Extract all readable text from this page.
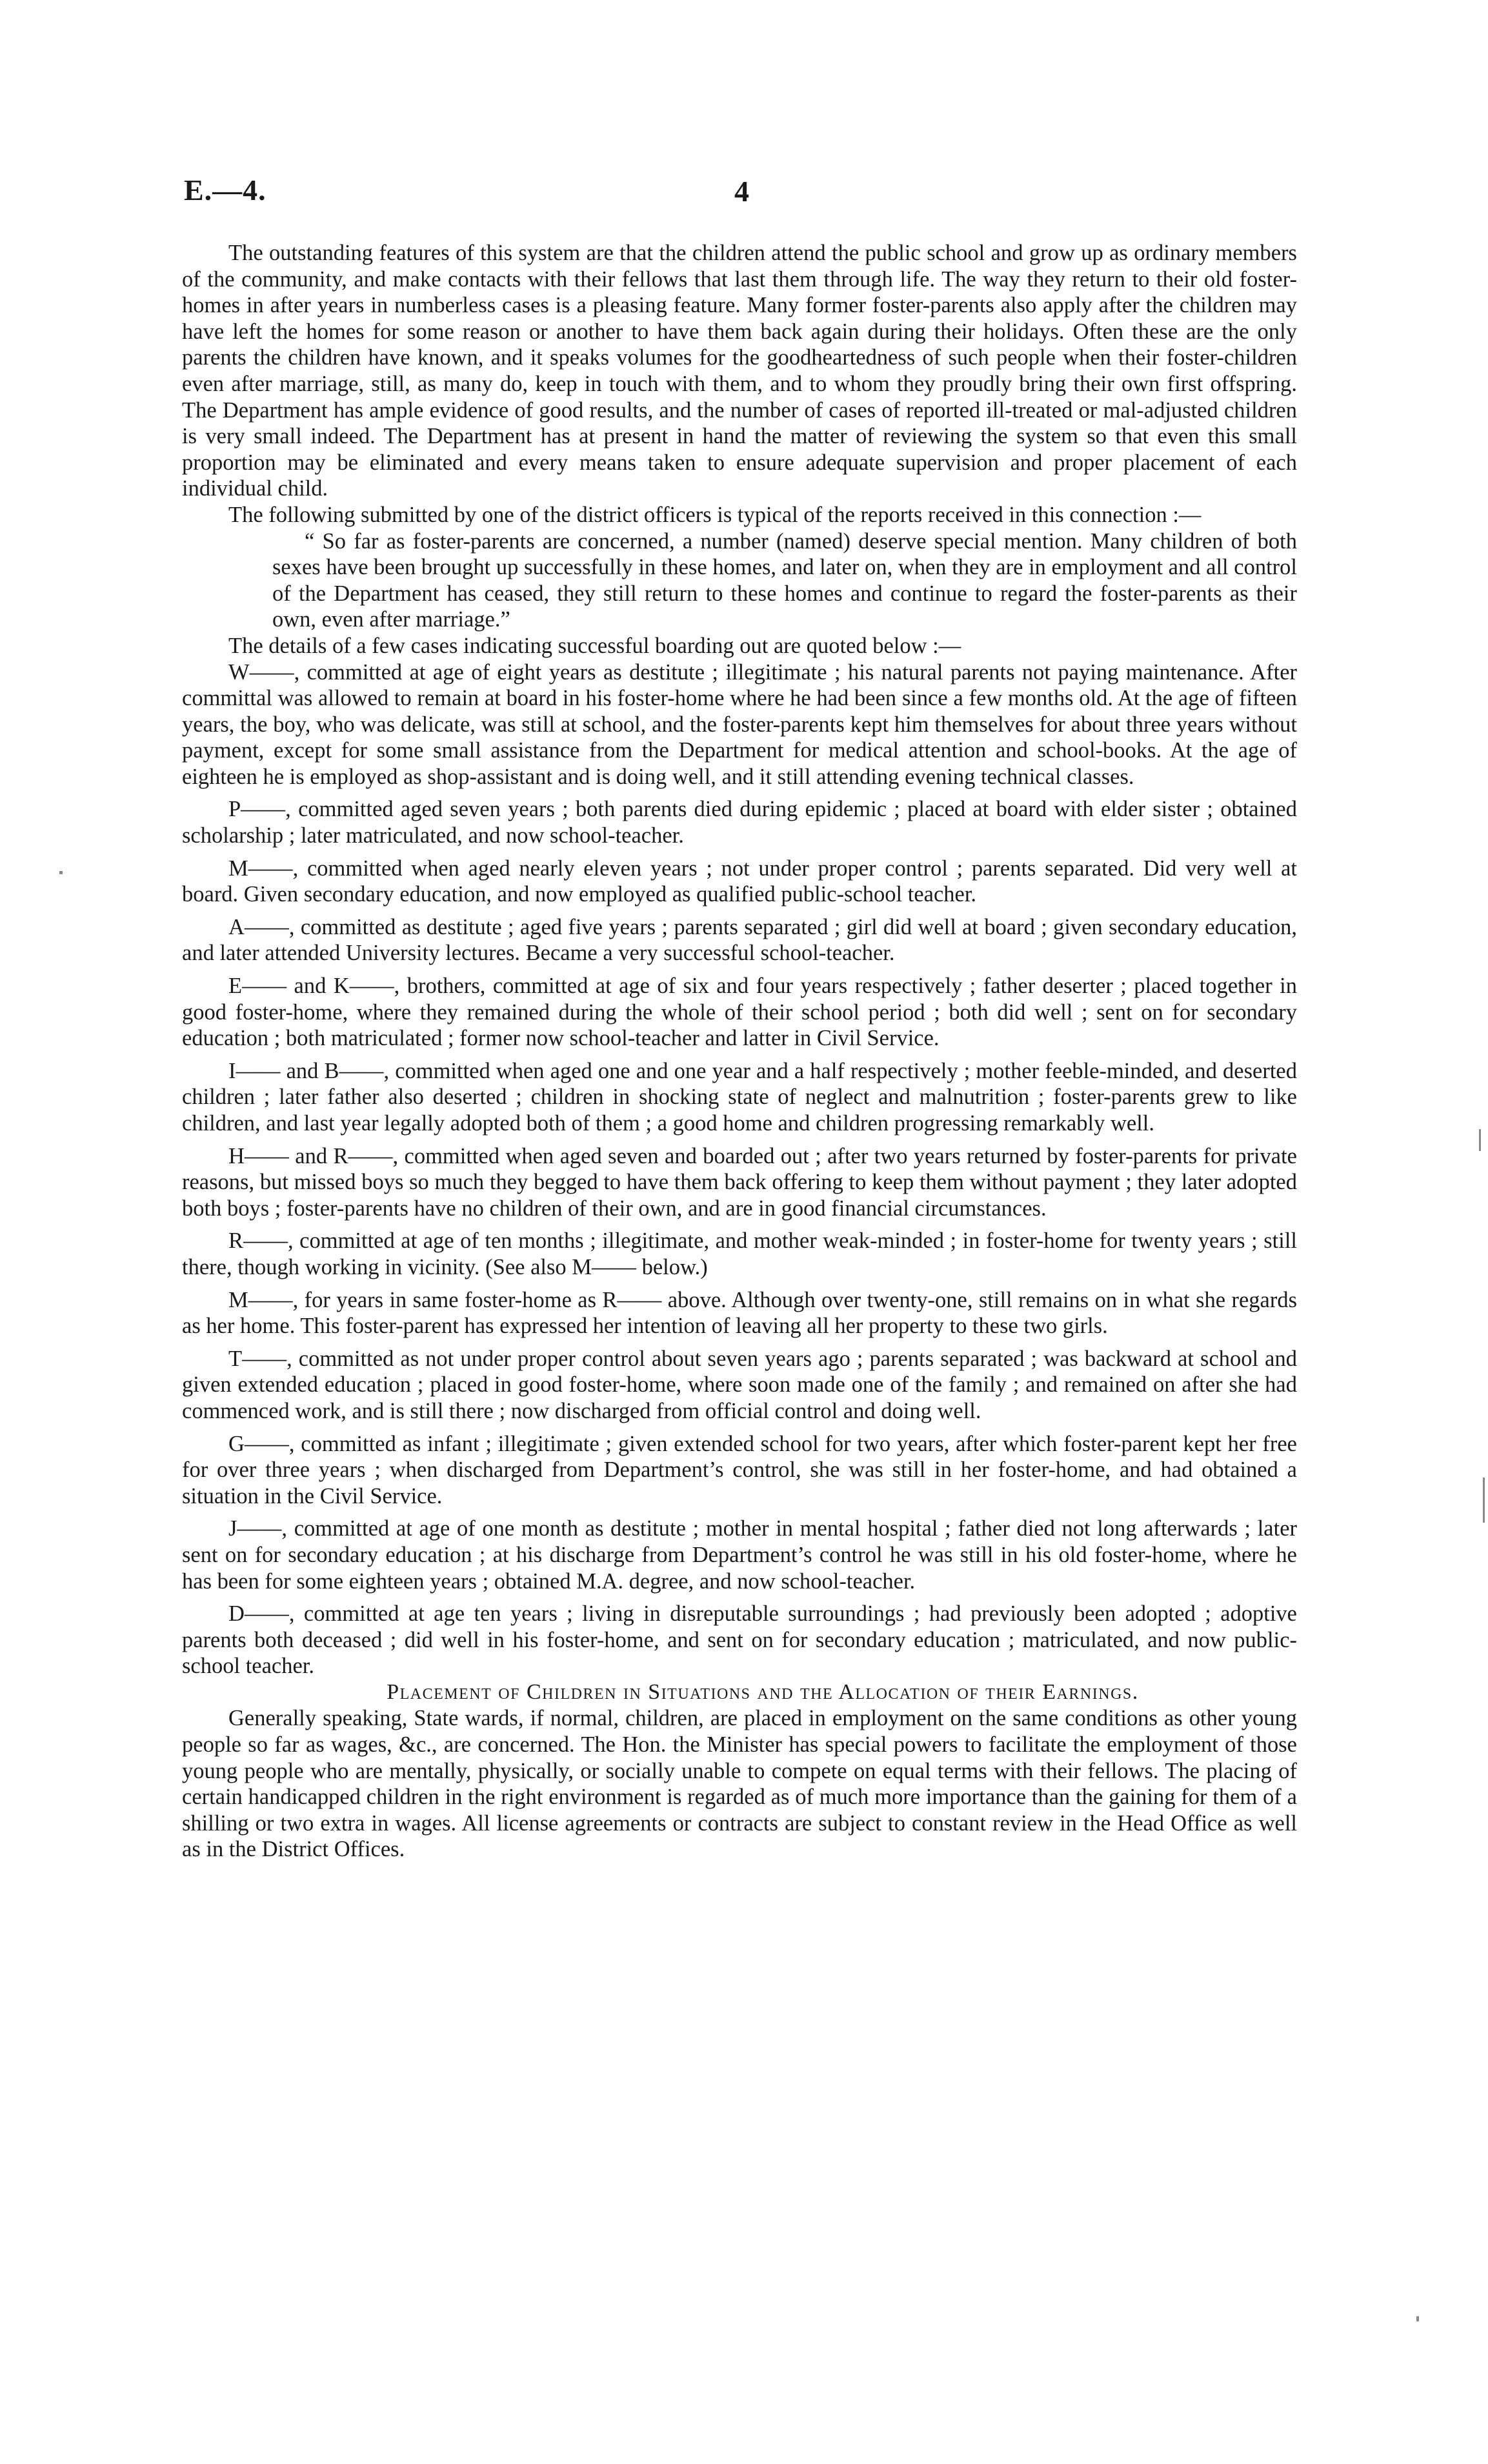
E.—4.	4

The outstanding features of this system are that the children attend the public school and grow up as ordinary members of the community, and make contacts with their fellows that last them through life. The way they return to their old foster-homes in after years in numberless cases is a pleasing feature. Many former foster-parents also apply after the children may have left the homes for some reason or another to have them back again during their holidays. Often these are the only parents the children have known, and it speaks volumes for the goodheartedness of such people when their foster-children even after marriage, still, as many do, keep in touch with them, and to whom they proudly bring their own first offspring. The Department has ample evidence of good results, and the number of cases of reported ill-treated or mal-adjusted children is very small indeed. The Department has at present in hand the matter of reviewing the system so that even this small proportion may be eliminated and every means taken to ensure adequate supervision and proper placement of each individual child.

The following submitted by one of the district officers is typical of the reports received in this connection :—

“ So far as foster-parents are concerned, a number (named) deserve special mention. Many children of both sexes have been brought up successfully in these homes, and later on, when they are in employment and all control of the Department has ceased, they still return to these homes and continue to regard the foster-parents as their own, even after marriage.”

The details of a few cases indicating successful boarding out are quoted below :—

W——, committed at age of eight years as destitute ; illegitimate ; his natural parents not paying maintenance. After committal was allowed to remain at board in his foster-home where he had been since a few months old. At the age of fifteen years, the boy, who was delicate, was still at school, and the foster-parents kept him themselves for about three years without payment, except for some small assistance from the Department for medical attention and school-books. At the age of eighteen he is employed as shop-assistant and is doing well, and it still attending evening technical classes.

P——, committed aged seven years ; both parents died during epidemic ; placed at board with elder sister ; obtained scholarship ; later matriculated, and now school-teacher.

M——, committed when aged nearly eleven years ; not under proper control ; parents separated. Did very well at board. Given secondary education, and now employed as qualified public-school teacher.

A——, committed as destitute ; aged five years ; parents separated ; girl did well at board ; given secondary education, and later attended University lectures. Became a very successful school-teacher.

E—— and K——, brothers, committed at age of six and four years respectively ; father deserter ; placed together in good foster-home, where they remained during the whole of their school period ; both did well ; sent on for secondary education ; both matriculated ; former now school-teacher and latter in Civil Service.

I—— and B——, committed when aged one and one year and a half respectively ; mother feeble-minded, and deserted children ; later father also deserted ; children in shocking state of neglect and malnutrition ; foster-parents grew to like children, and last year legally adopted both of them ; a good home and children progressing remarkably well.

H—— and R——, committed when aged seven and boarded out ; after two years returned by foster-parents for private reasons, but missed boys so much they begged to have them back offering to keep them without payment ; they later adopted both boys ; foster-parents have no children of their own, and are in good financial circumstances.

R——, committed at age of ten months ; illegitimate, and mother weak-minded ; in foster-home for twenty years ; still there, though working in vicinity. (See also M—— below.)

M——, for years in same foster-home as R—— above. Although over twenty-one, still remains on in what she regards as her home. This foster-parent has expressed her intention of leaving all her property to these two girls.

T——, committed as not under proper control about seven years ago ; parents separated ; was backward at school and given extended education ; placed in good foster-home, where soon made one of the family ; and remained on after she had commenced work, and is still there ; now discharged from official control and doing well.

G——, committed as infant ; illegitimate ; given extended school for two years, after which foster-parent kept her free for over three years ; when discharged from Department’s control, she was still in her foster-home, and had obtained a situation in the Civil Service.

J——, committed at age of one month as destitute ; mother in mental hospital ; father died not long afterwards ; later sent on for secondary education ; at his discharge from Department’s control he was still in his old foster-home, where he has been for some eighteen years ; obtained M.A. degree, and now school-teacher.

D——, committed at age ten years ; living in disreputable surroundings ; had previously been adopted ; adoptive parents both deceased ; did well in his foster-home, and sent on for secondary education ; matriculated, and now public-school teacher.

Placement of Children in Situations and the Allocation of their Earnings.

Generally speaking, State wards, if normal, children, are placed in employment on the same conditions as other young people so far as wages, &c., are concerned. The Hon. the Minister has special powers to facilitate the employment of those young people who are mentally, physically, or socially unable to compete on equal terms with their fellows. The placing of certain handicapped children in the right environment is regarded as of much more importance than the gaining for them of a shilling or two extra in wages. All license agreements or contracts are subject to constant review in the Head Office as well as in the District Offices.
